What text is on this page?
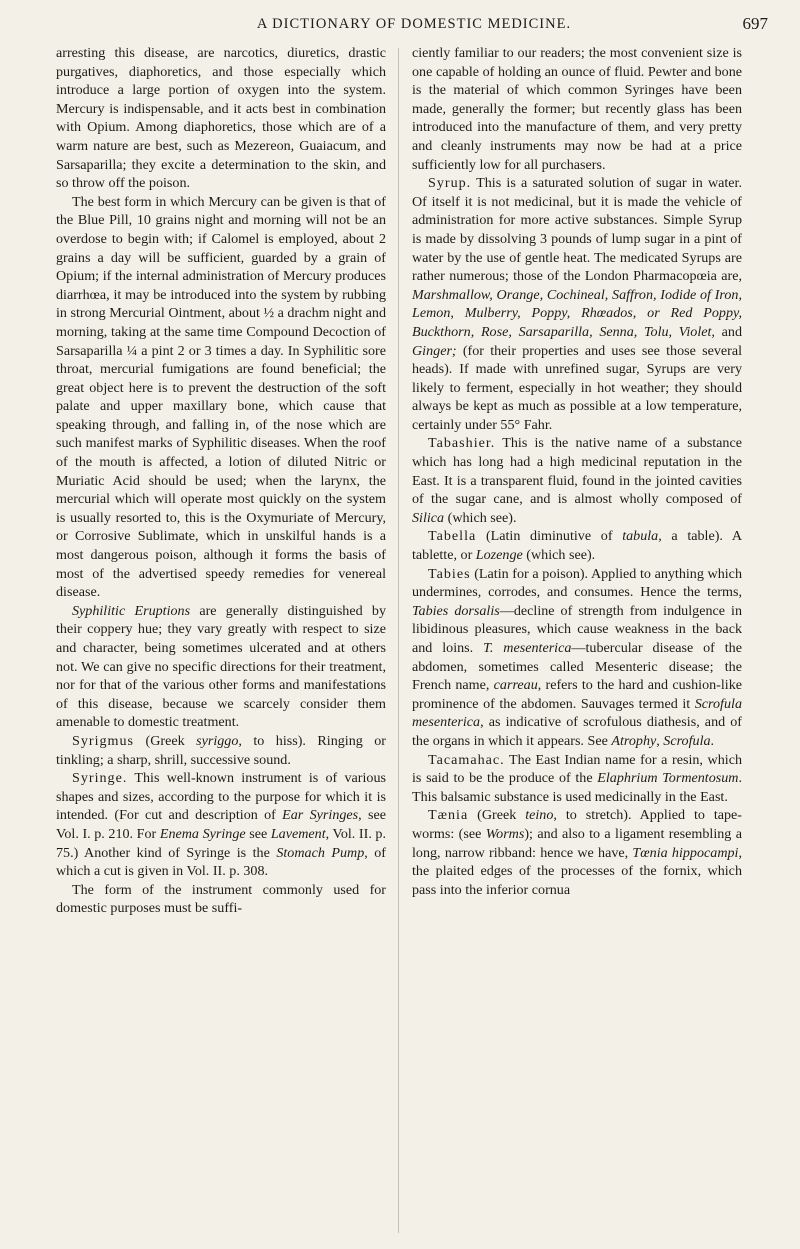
A DICTIONARY OF DOMESTIC MEDICINE.	697

arresting this disease, are narcotics, diuretics, drastic purgatives, diaphoretics, and those especially which introduce a large portion of oxygen into the system. Mercury is indispensable, and it acts best in combination with Opium. Among diaphoretics, those which are of a warm nature are best, such as Mezereon, Guaiacum, and Sarsaparilla; they excite a determination to the skin, and so throw off the poison.

The best form in which Mercury can be given is that of the Blue Pill, 10 grains night and morning will not be an overdose to begin with; if Calomel is employed, about 2 grains a day will be sufficient, guarded by a grain of Opium; if the internal administration of Mercury produces diarrhœa, it may be introduced into the system by rubbing in strong Mercurial Ointment, about ½ a drachm night and morning, taking at the same time Compound Decoction of Sarsaparilla ¼ a pint 2 or 3 times a day. In Syphilitic sore throat, mercurial fumigations are found beneficial; the great object here is to prevent the destruction of the soft palate and upper maxillary bone, which cause that speaking through, and falling in, of the nose which are such manifest marks of Syphilitic diseases. When the roof of the mouth is affected, a lotion of diluted Nitric or Muriatic Acid should be used; when the larynx, the mercurial which will operate most quickly on the system is usually resorted to, this is the Oxymuriate of Mercury, or Corrosive Sublimate, which in unskilful hands is a most dangerous poison, although it forms the basis of most of the advertised speedy remedies for venereal disease.

Syphilitic Eruptions are generally distinguished by their coppery hue; they vary greatly with respect to size and character, being sometimes ulcerated and at others not. We can give no specific directions for their treatment, nor for that of the various other forms and manifestations of this disease, because we scarcely consider them amenable to domestic treatment.

Syrigmus (Greek syriggo, to hiss). Ringing or tinkling; a sharp, shrill, successive sound.

Syringe. This well-known instrument is of various shapes and sizes, according to the purpose for which it is intended. (For cut and description of Ear Syringes, see Vol. I. p. 210. For Enema Syringe see Lavement, Vol. II. p. 75.) Another kind of Syringe is the Stomach Pump, of which a cut is given in Vol. II. p. 308.

The form of the instrument commonly used for domestic purposes must be suffi-

ciently familiar to our readers; the most convenient size is one capable of holding an ounce of fluid. Pewter and bone is the material of which common Syringes have been made, generally the former; but recently glass has been introduced into the manufacture of them, and very pretty and cleanly instruments may now be had at a price sufficiently low for all purchasers.

Syrup. This is a saturated solution of sugar in water. Of itself it is not medicinal, but it is made the vehicle of administration for more active substances. Simple Syrup is made by dissolving 3 pounds of lump sugar in a pint of water by the use of gentle heat. The medicated Syrups are rather numerous; those of the London Pharmacopœia are, Marshmallow, Orange, Cochineal, Saffron, Iodide of Iron, Lemon, Mulberry, Poppy, Rhœados, or Red Poppy, Buckthorn, Rose, Sarsaparilla, Senna, Tolu, Violet, and Ginger; (for their properties and uses see those several heads). If made with unrefined sugar, Syrups are very likely to ferment, especially in hot weather; they should always be kept as much as possible at a low temperature, certainly under 55° Fahr.

Tabashier. This is the native name of a substance which has long had a high medicinal reputation in the East. It is a transparent fluid, found in the jointed cavities of the sugar cane, and is almost wholly composed of Silica (which see).

Tabella (Latin diminutive of tabula, a table). A tablette, or Lozenge (which see).

Tabies (Latin for a poison). Applied to anything which undermines, corrodes, and consumes. Hence the terms, Tabies dorsalis—decline of strength from indulgence in libidinous pleasures, which cause weakness in the back and loins. T. mesenterica—tubercular disease of the abdomen, sometimes called Mesenteric disease; the French name, carreau, refers to the hard and cushion-like prominence of the abdomen. Sauvages termed it Scrofula mesenterica, as indicative of scrofulous diathesis, and of the organs in which it appears. See Atrophy, Scrofula.

Tacamahac. The East Indian name for a resin, which is said to be the produce of the Elaphrium Tormentosum. This balsamic substance is used medicinally in the East.

Tænia (Greek teino, to stretch). Applied to tape-worms: (see Worms); and also to a ligament resembling a long, narrow ribband: hence we have, Tœnia hippocampi, the plaited edges of the processes of the fornix, which pass into the inferior cornua
